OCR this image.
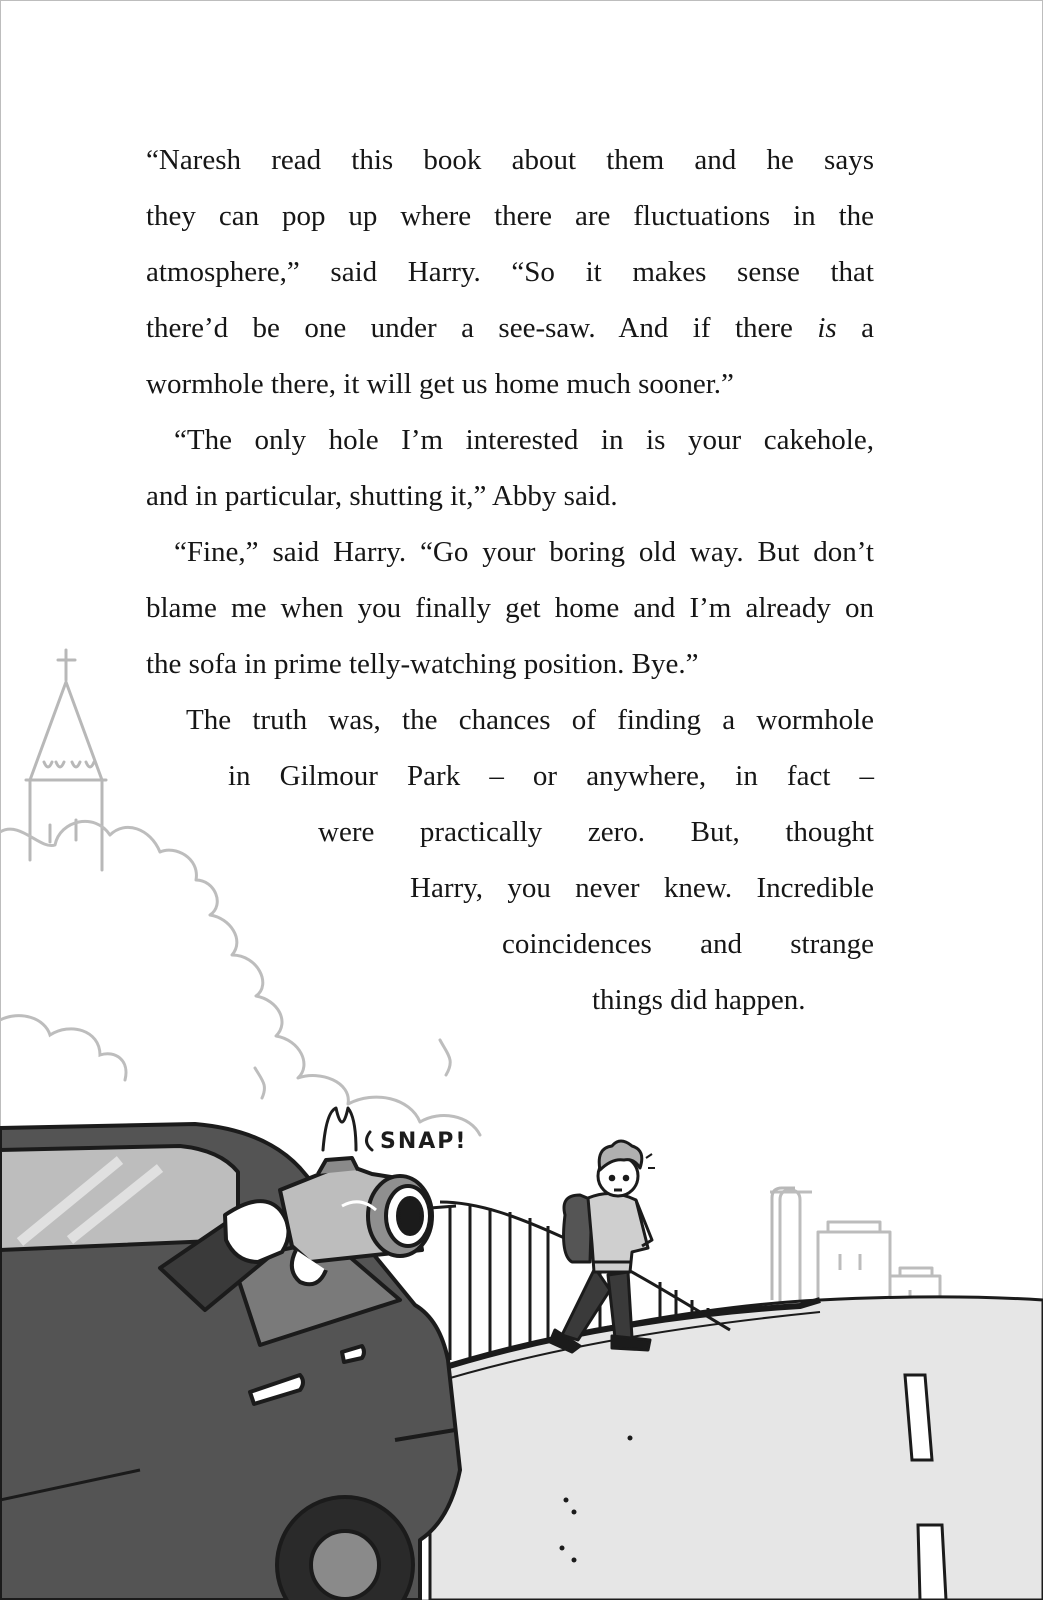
SNAP!
“Naresh read this book about them and he says
they can pop up where there are fluctuations in the
atmosphere,” said Harry. “So it makes sense that
there’d be one under a see-saw. And if there is a
wormhole there, it will get us home much sooner.”
“The only hole I’m interested in is your cakehole,
and in particular, shutting it,” Abby said.
“Fine,” said Harry. “Go your boring old way. But don’t
blame me when you finally get home and I’m already on
the sofa in prime telly-watching position. Bye.”
The truth was, the chances of finding a wormhole
in Gilmour Park – or anywhere, in fact –
were practically zero. But, thought
Harry, you never knew. Incredible
coincidences and strange
things did happen.
